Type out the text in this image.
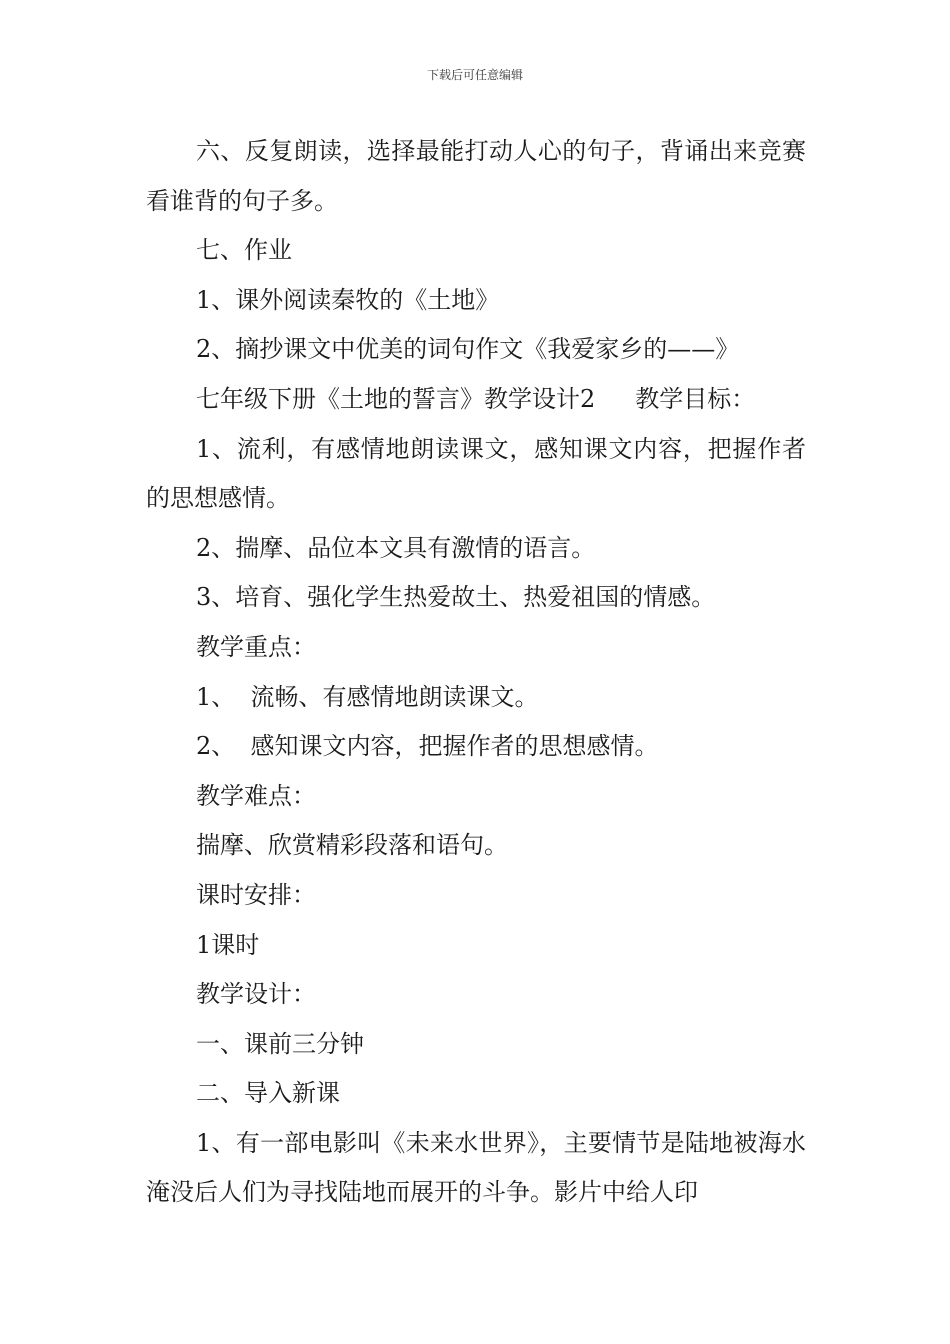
下载后可任意编辑

六、反复朗读，选择最能打动人心的句子，背诵出来竞赛看谁背的句子多。

七、作业

1、课外阅读秦牧的《土地》

2、摘抄课文中优美的词句作文《我爱家乡的——》

七年级下册《土地的誓言》教学设计2 教学目标：

1、流利，有感情地朗读课文，感知课文内容，把握作者的思想感情。

2、揣摩、品位本文具有激情的语言。

3、培育、强化学生热爱故土、热爱祖国的情感。

教学重点：

1、  流畅、有感情地朗读课文。

2、  感知课文内容，把握作者的思想感情。

教学难点：

揣摩、欣赏精彩段落和语句。

课时安排：

1课时

教学设计：

一、课前三分钟

二、导入新课

1、有一部电影叫《未来水世界》，主要情节是陆地被海水淹没后人们为寻找陆地而展开的斗争。影片中给人印
